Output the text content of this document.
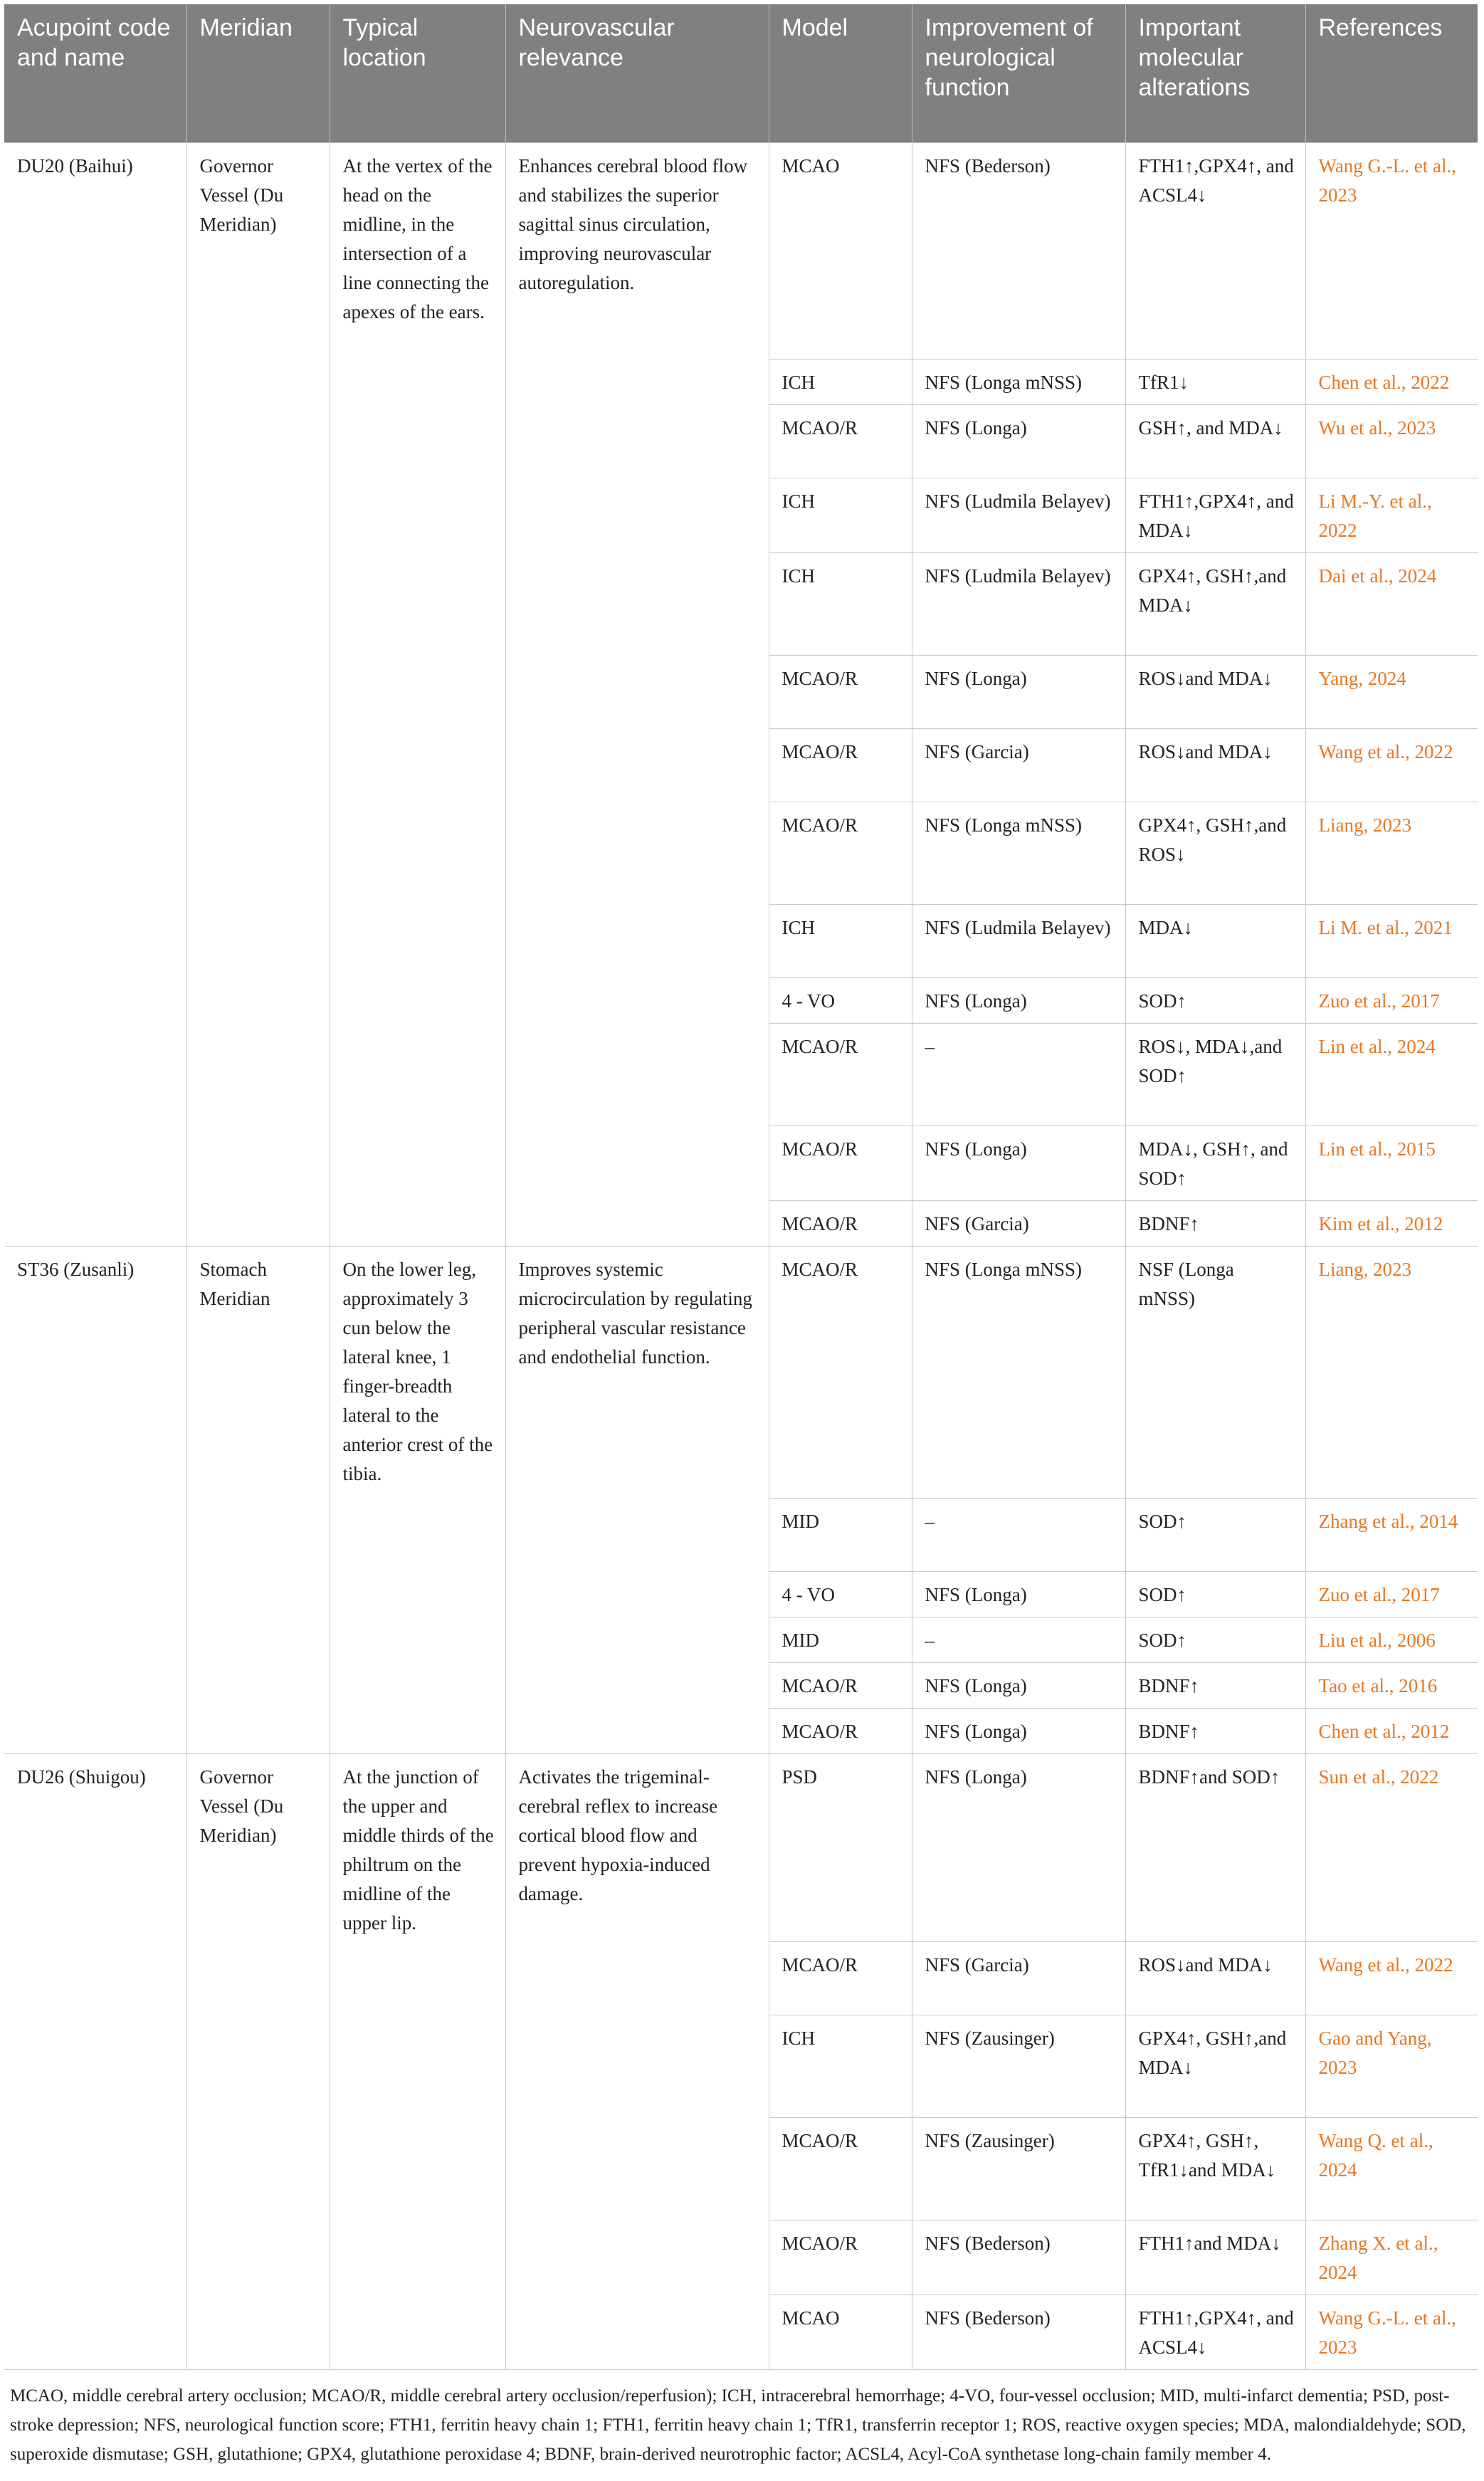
Acupoint code and name	Meridian	Typical location	Neurovascular relevance	Model	Improvement of neurological function	Important molecular alterations	References
DU20 (Baihui)	Governor Vessel (Du Meridian)	At the vertex of the head on the midline, in the intersection of a line connecting the apexes of the ears.	Enhances cerebral blood flow and stabilizes the superior sagittal sinus circulation, improving neurovascular autoregulation.	MCAO	NFS (Bederson)	FTH1↑,GPX4↑, and ACSL4↓	Wang G.-L. et al., 2023
				ICH	NFS (Longa mNSS)	TfR1↓	Chen et al., 2022
				MCAO/R	NFS (Longa)	GSH↑, and MDA↓	Wu et al., 2023
				ICH	NFS (Ludmila Belayev)	FTH1↑,GPX4↑, and MDA↓	Li M.-Y. et al., 2022
				ICH	NFS (Ludmila Belayev)	GPX4↑, GSH↑,and MDA↓	Dai et al., 2024
				MCAO/R	NFS (Longa)	ROS↓and MDA↓	Yang, 2024
				MCAO/R	NFS (Garcia)	ROS↓and MDA↓	Wang et al., 2022
				MCAO/R	NFS (Longa mNSS)	GPX4↑, GSH↑,and ROS↓	Liang, 2023
				ICH	NFS (Ludmila Belayev)	MDA↓	Li M. et al., 2021
				4 - VO	NFS (Longa)	SOD↑	Zuo et al., 2017
				MCAO/R	–	ROS↓, MDA↓,and SOD↑	Lin et al., 2024
				MCAO/R	NFS (Longa)	MDA↓, GSH↑, and SOD↑	Lin et al., 2015
				MCAO/R	NFS (Garcia)	BDNF↑	Kim et al., 2012
ST36 (Zusanli)	Stomach Meridian	On the lower leg, approximately 3 cun below the lateral knee, 1 finger-breadth lateral to the anterior crest of the tibia.	Improves systemic microcirculation by regulating peripheral vascular resistance and endothelial function.	MCAO/R	NFS (Longa mNSS)	NSF (Longa mNSS)	Liang, 2023
				MID	–	SOD↑	Zhang et al., 2014
				4 - VO	NFS (Longa)	SOD↑	Zuo et al., 2017
				MID	–	SOD↑	Liu et al., 2006
				MCAO/R	NFS (Longa)	BDNF↑	Tao et al., 2016
				MCAO/R	NFS (Longa)	BDNF↑	Chen et al., 2012
DU26 (Shuigou)	Governor Vessel (Du Meridian)	At the junction of the upper and middle thirds of the philtrum on the midline of the upper lip.	Activates the trigeminal-cerebral reflex to increase cortical blood flow and prevent hypoxia-induced damage.	PSD	NFS (Longa)	BDNF↑and SOD↑	Sun et al., 2022
				MCAO/R	NFS (Garcia)	ROS↓and MDA↓	Wang et al., 2022
				ICH	NFS (Zausinger)	GPX4↑, GSH↑,and MDA↓	Gao and Yang, 2023
				MCAO/R	NFS (Zausinger)	GPX4↑, GSH↑, TfR1↓and MDA↓	Wang Q. et al., 2024
				MCAO/R	NFS (Bederson)	FTH1↑and MDA↓	Zhang X. et al., 2024
				MCAO	NFS (Bederson)	FTH1↑,GPX4↑, and ACSL4↓	Wang G.-L. et al., 2023

MCAO, middle cerebral artery occlusion; MCAO/R, middle cerebral artery occlusion/reperfusion); ICH, intracerebral hemorrhage; 4-VO, four-vessel occlusion; MID, multi-infarct dementia; PSD, post-stroke depression; NFS, neurological function score; FTH1, ferritin heavy chain 1; FTH1, ferritin heavy chain 1; TfR1, transferrin receptor 1; ROS, reactive oxygen species; MDA, malondialdehyde; SOD, superoxide dismutase; GSH, glutathione; GPX4, glutathione peroxidase 4; BDNF, brain-derived neurotrophic factor; ACSL4, Acyl-CoA synthetase long-chain family member 4.
